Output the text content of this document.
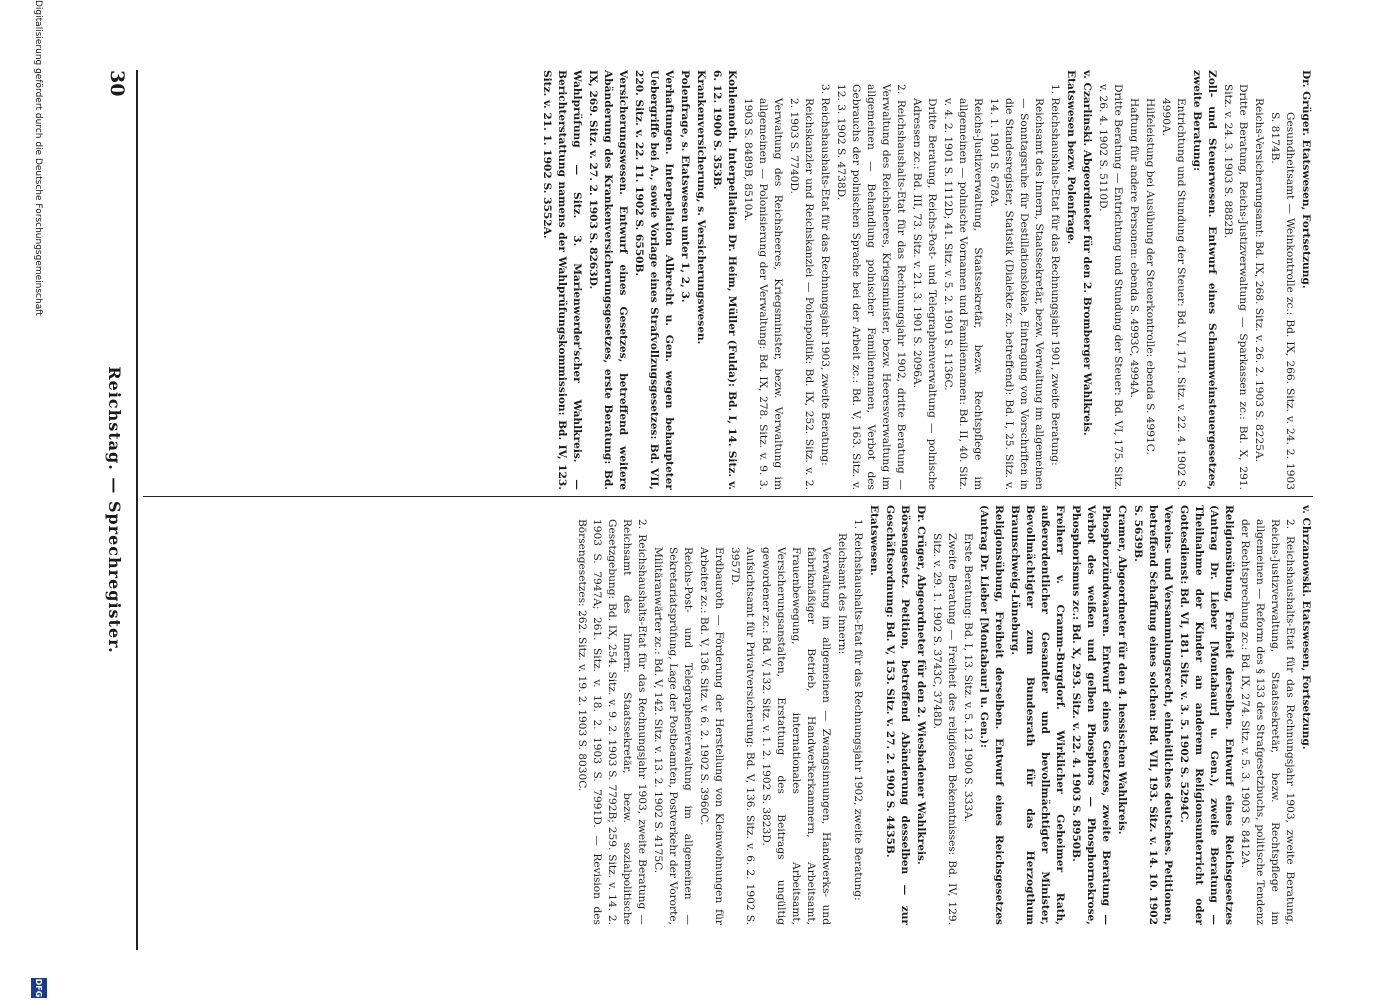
30
Reichstag. — Sprechregister.

Dr. Grüger. Etatswesen, Fortsetzung.

Gesundheitsamt — Weinkontrolle zc.: Bd. IX, 266. Sitz. v. 24. 2. 1903 S. 8174B.

Reichs-Versicherungsamt: Bd. IX, 268. Sitz. v. 26. 2. 1903 S. 8225A.

Dritte Beratung, Reichs-Justizverwaltung — Sparkassen zc.: Bd. X, 291. Sitz. v. 24. 3. 1903 S. 8882B.

Zoll- und Steuerwesen. Entwurf eines Schaumweinsteuergesetzes, zweite Beratung:

Entrichtung und Stundung der Steuer: Bd. VI, 171. Sitz. v. 22. 4. 1902 S. 4990A.

Hilfeleistung bei Ausübung der Steuerkontrolle: ebenda S. 4991C.

Haftung für andere Personen: ebenda S. 4993C, 4994A.

Dritte Beratung — Entrichtung und Stundung der Steuer: Bd. VI, 175. Sitz. v. 26. 4. 1902 S. 5110D.

v. Czarlinski. Abgeordneter für den 2. Bromberger Wahlkreis.

Etatswesen bezw. Polenfrage.

1. Reichshaushalts-Etat für das Rechnungsjahr 1901, zweite Beratung:

Reichsamt des Innern, Staatssekretär, bezw. Verwaltung im allgemeinen — Sonntagsruhe für Destillationslokale, Eintragung von Vorschriften in die Standesregister, Statistik (Dialekte zc. betreffend): Bd. I, 25. Sitz. v. 14. 1. 1901 S. 678A.

Reichs-Justizverwaltung, Staatssekretär, bezw. Rechtspflege im allgemeinen — polnische Vornamen und Familiennamen: Bd. II, 40. Sitz. v. 4. 2. 1901 S. 1112D; 41. Sitz. v. 5. 2. 1901 S. 1136C.

Dritte Beratung, Reichs-Post- und Telegraphenverwaltung — polnische Adressen zc.: Bd. III, 73. Sitz. v. 21. 3. 1901 S. 2096A.

2. Reichshaushalts-Etat für das Rechnungsjahr 1902, dritte Beratung — Verwaltung des Reichsheeres, Kriegsminister, bezw. Heeresverwaltung im allgemeinen — Behandlung polnischer Familiennamen, Verbot des Gebrauchs der polnischen Sprache bei der Arbeit zc.: Bd. V, 163. Sitz. v. 12. 3. 1902 S. 4738D.

3. Reichshaushalts-Etat für das Rechnungsjahr 1903, zweite Beratung:

Reichskanzler und Reichskanzlei — Polenpolitik: Bd. IX, 252. Sitz. v. 2. 2. 1903 S. 7740D.

Verwaltung des Reichsheeres, Kriegsminister, bezw. Verwaltung im allgemeinen — Polonisierung der Verwaltung: Bd. IX, 278. Sitz. v. 9. 3. 1903 S. 8489B, 8510A.

Kohlennoth. Interpellation Dr. Heim, Müller (Fulda): Bd. I, 14. Sitz. v. 6. 12. 1900 S. 353B.

Krankenversicherung, s. Versicherungswesen.

Polenfrage, s. Etatswesen unter 1, 2, 3.

Verhaftungen. Interpellation Albrecht u. Gen. wegen behaupteter Uebergriffe bei A., sowie Vorlage eines Strafvollzugsgesetzes: Bd. VII, 220. Sitz. v. 22. 11. 1902 S. 6550B.

Versicherungswesen. Entwurf eines Gesetzes, betreffend weitere Abänderung des Krankenversicherungsgesetzes, erste Beratung: Bd. IX, 269. Sitz. v. 27. 2. 1903 S. 8263D.

Wahlprüfung — Sitz. 3. Marienwerder'scher Wahlkreis. — Berichterstattung namens der Wahlprüfungskommission: Bd. IV, 123. Sitz. v. 21. 1. 1902 S. 3552A.

v. Chrzanowski. Etatswesen, Fortsetzung.

2. Reichshaushalts-Etat für das Rechnungsjahr 1903, zweite Beratung, Reichs-Justizverwaltung, Staatssekretär, bezw. Rechtspflege im allgemeinen — Reform des § 133 des Strafgesetzbuchs, politische Tendenz der Rechtsprechung zc.: Bd. IX, 274. Sitz. v. 5. 3. 1903 S. 8412A.

Religionsübung, Freiheit derselben. Entwurf eines Reichsgesetzes (Antrag Dr. Lieber [Montabaur] u. Gen.), zweite Beratung — Theilnahme der Kinder an anderem Religionsunterricht oder Gottesdienst: Bd. VI, 181. Sitz. v. 3. 5. 1902 S. 5294C.

Vereins- und Versammlungsrecht, einheitliches deutsches. Petitionen, betreffend Schaffung eines solchen: Bd. VII, 193. Sitz. v. 14. 10. 1902 S. 5639B.

Cramer, Abgeordneter für den 4. hessischen Wahlkreis.

Phosphorzündwaaren. Entwurf eines Gesetzes, zweite Beratung — Verbot des weißen und gelben Phosphors — Phosphornekrose, Phosphorismus zc.: Bd. X, 293. Sitz. v. 22. 4. 1903 S. 8950B.

Freiherr v. Cramm-Burgdorf. Wirklicher Geheimer Rath, außerordentlicher Gesandter und bevollmächtigter Minister, Bevollmächtigter zum Bundesrath für das Herzogthum Braunschweig-Lüneburg.

Religionsübung, Freiheit derselben. Entwurf eines Reichsgesetzes (Antrag Dr. Lieber [Montabaur] u. Gen.):

Erste Beratung: Bd. I, 13. Sitz. v. 5. 12. 1900 S. 333A.

Zweite Beratung — Freiheit des religiösen Bekenntnisses: Bd. IV, 129. Sitz. v. 29. 1. 1902 S. 3743C, 3748D.

Dr. Crüger, Abgeordneter für den 2. Wiesbadener Wahlkreis.

Börsengesetz. Petition, betreffend Abänderung desselben — zur Geschäftsordnung: Bd. V, 153. Sitz. v. 27. 2. 1902 S. 4435B.

Etatswesen.

1. Reichshaushalts-Etat für das Rechnungsjahr 1902, zweite Beratung:

Reichsamt des Innern:

Verwaltung im allgemeinen — Zwangsinnungen, Handwerks- und fabrikmäßiger Betrieb, Handwerkerkammern, Arbeitsamt, Frauenbewegung, internationales Arbeitsamt, Versicherungsanstalten, Erstattung des Beitrags ungültig gewordener zc.: Bd. V, 132. Sitz. v. 1. 2. 1902 S. 3823D.

Aufsichtsamt für Privatversicherung: Bd. V, 136. Sitz. v. 6. 2. 1902 S. 3957D.

Erdbauroth — Förderung der Herstellung von Kleinwohnungen für Arbeiter zc.: Bd. V, 136. Sitz. v. 6. 2. 1902 S. 3960C.

Reichs-Post- und Telegraphenverwaltung im allgemeinen — Sekretariatsprüfung, Lage der Postbeamten, Postverkehr der Vororte, Militäranwärter zc.: Bd. V, 142. Sitz. v. 13. 2. 1902 S. 4175C.

2. Reichshaushalts-Etat für das Rechnungsjahr 1903, zweite Beratung — Reichsamt des Innern: Staatssekretär, bezw. sozialpolitische Gesetzgebung: Bd. IX, 254. Sitz. v. 9. 2. 1903 S. 7792B; 259. Sitz. v. 14. 2. 1903 S. 7947A; 261. Sitz. v. 18. 2. 1903 S. 7991D. — Revision des Börsengesetzes: 262. Sitz. v. 19. 2. 1903 S. 8030C.

Digitalisierung gefördert durch die Deutsche Forschungsgemeinschaft
DFG
